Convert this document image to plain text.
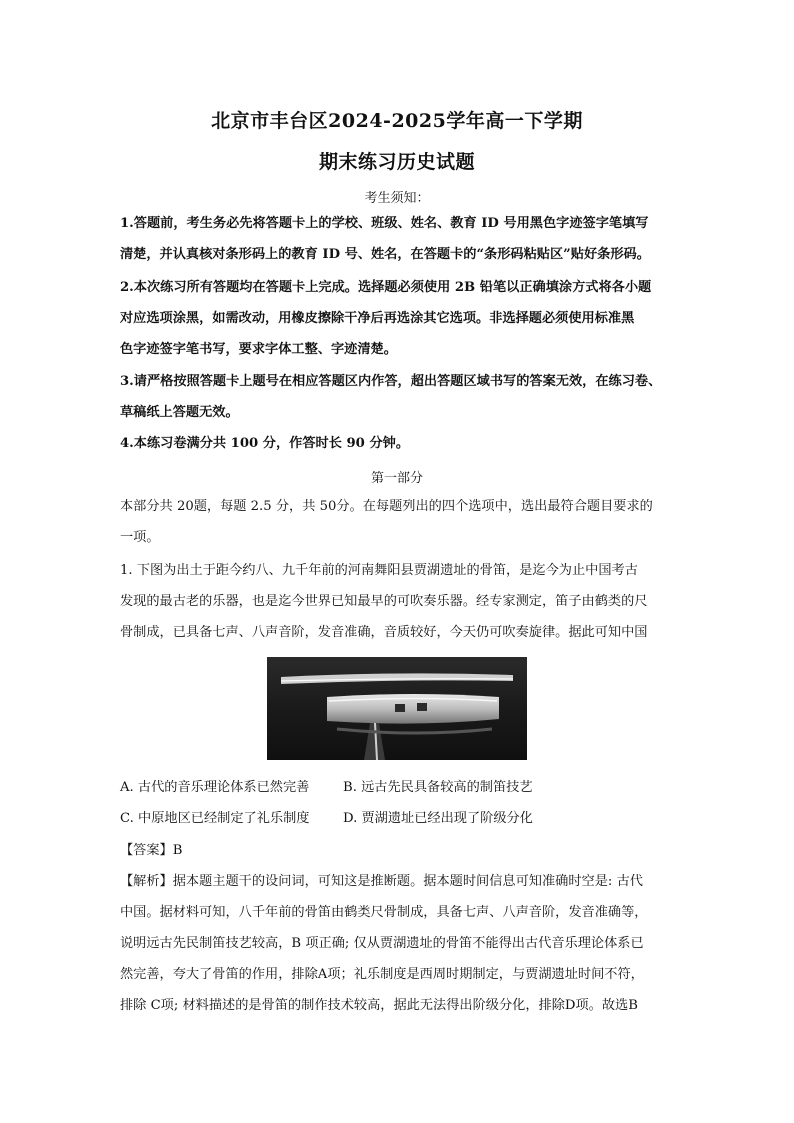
北京市丰台区2024-2025学年高一下学期
期末练习历史试题
考生须知：
1.答题前，考生务必先将答题卡上的学校、班级、姓名、教育 ID 号用黑色字迹签字笔填写
清楚，并认真核对条形码上的教育 ID 号、姓名，在答题卡的“条形码粘贴区”贴好条形码。
2.本次练习所有答题均在答题卡上完成。选择题必须使用 2B 铅笔以正确填涂方式将各小题
对应选项涂黑，如需改动，用橡皮擦除干净后再选涂其它选项。非选择题必须使用标准黑
色字迹签字笔书写，要求字体工整、字迹清楚。
3.请严格按照答题卡上题号在相应答题区内作答，超出答题区域书写的答案无效，在练习卷、
草稿纸上答题无效。
4.本练习卷满分共 100 分，作答时长 90 分钟。
第一部分
本部分共 20题，每题 2.5 分，共 50分。在每题列出的四个选项中，选出最符合题目要求的
一项。
1. 下图为出土于距今约八、九千年前的河南舞阳县贾湖遗址的骨笛，是迄今为止中国考古
发现的最古老的乐器，也是迄今世界已知最早的可吹奏乐器。经专家测定，笛子由鹤类的尺
骨制成，已具备七声、八声音阶，发音准确，音质较好，今天仍可吹奏旋律。据此可知中国
A. 古代的音乐理论体系已然完善	B. 远古先民具备较高的制笛技艺
C. 中原地区已经制定了礼乐制度	D. 贾湖遗址已经出现了阶级分化
【答案】B
【解析】据本题主题干的设问词，可知这是推断题。据本题时间信息可知准确时空是: 古代
中国。据材料可知，八千年前的骨笛由鹤类尺骨制成，具备七声、八声音阶，发音准确等，
说明远古先民制笛技艺较高，B 项正确; 仅从贾湖遗址的骨笛不能得出古代音乐理论体系已
然完善，夸大了骨笛的作用，排除A项；礼乐制度是西周时期制定，与贾湖遗址时间不符，
排除 C项; 材料描述的是骨笛的制作技术较高，据此无法得出阶级分化，排除D项。故选B
